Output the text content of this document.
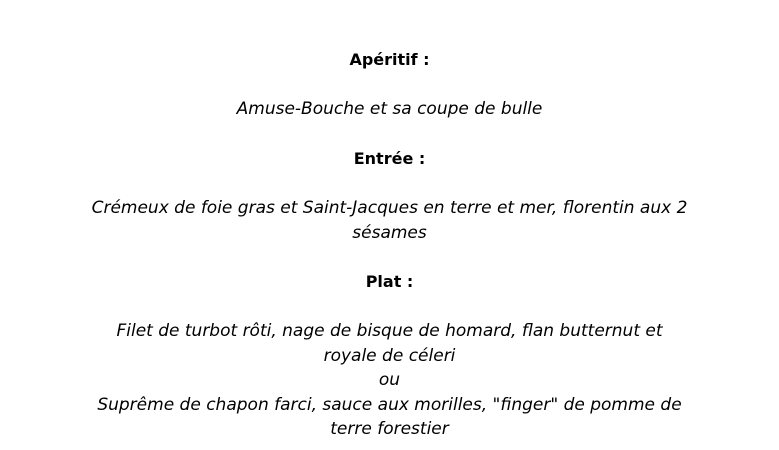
Apéritif :
Amuse-Bouche et sa coupe de bulle
Entrée :
Crémeux de foie gras et Saint-Jacques en terre et mer, florentin aux 2
sésames
Plat :
Filet de turbot rôti, nage de bisque de homard, flan butternut et
royale de céleri
ou
Suprême de chapon farci, sauce aux morilles, "finger" de pomme de
terre forestier
